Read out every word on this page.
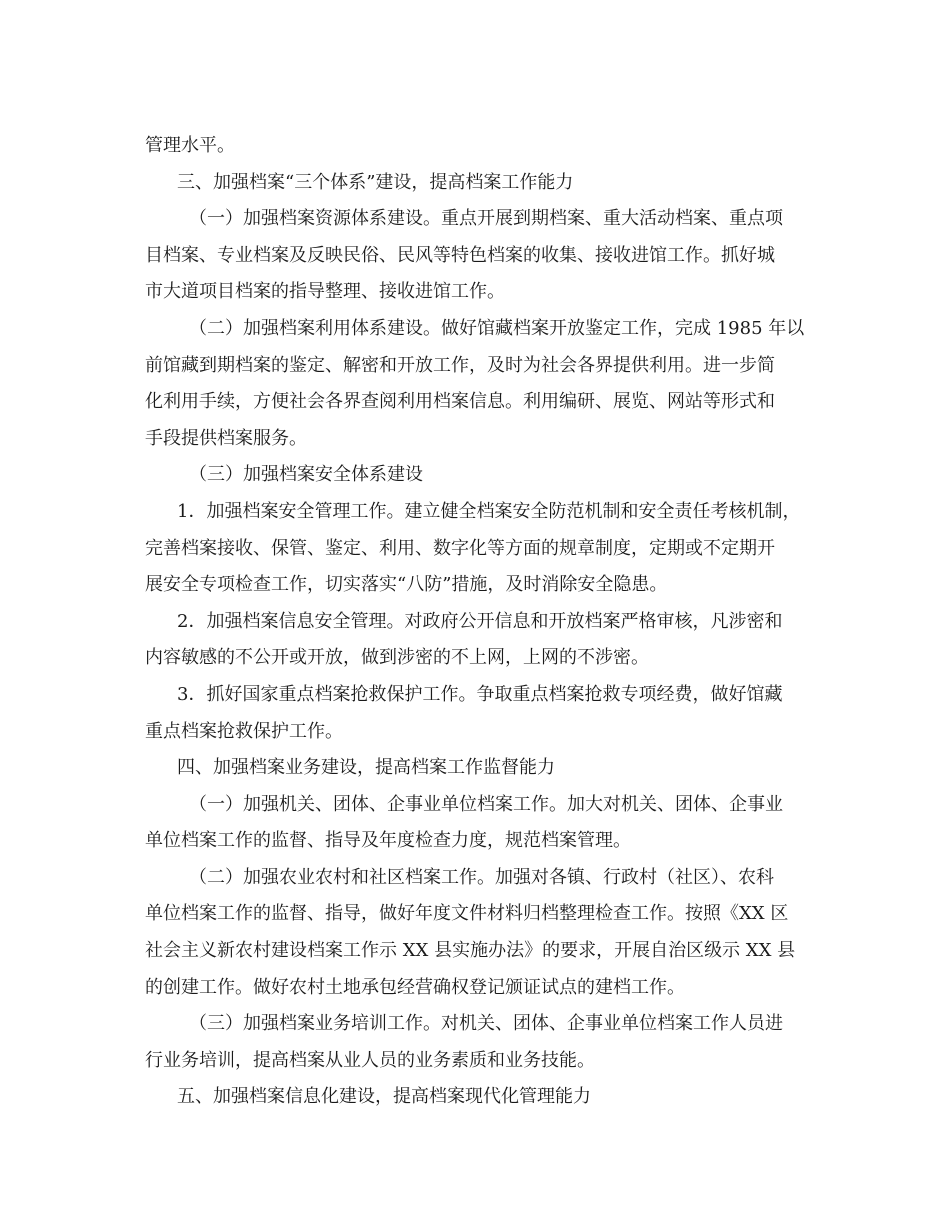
管理水平。
三、加强档案“三个体系”建设，提高档案工作能力
（一）加强档案资源体系建设。重点开展到期档案、重大活动档案、重点项
目档案、专业档案及反映民俗、民风等特色档案的收集、接收进馆工作。抓好城
市大道项目档案的指导整理、接收进馆工作。
（二）加强档案利用体系建设。做好馆藏档案开放鉴定工作，完成 1985 年以
前馆藏到期档案的鉴定、解密和开放工作，及时为社会各界提供利用。进一步简
化利用手续，方便社会各界查阅利用档案信息。利用编研、展览、网站等形式和
手段提供档案服务。
（三）加强档案安全体系建设
1．加强档案安全管理工作。建立健全档案安全防范机制和安全责任考核机制，
完善档案接收、保管、鉴定、利用、数字化等方面的规章制度，定期或不定期开
展安全专项检查工作，切实落实“八防”措施，及时消除安全隐患。
2．加强档案信息安全管理。对政府公开信息和开放档案严格审核，凡涉密和
内容敏感的不公开或开放，做到涉密的不上网，上网的不涉密。
3．抓好国家重点档案抢救保护工作。争取重点档案抢救专项经费，做好馆藏
重点档案抢救保护工作。
四、加强档案业务建设，提高档案工作监督能力
（一）加强机关、团体、企事业单位档案工作。加大对机关、团体、企事业
单位档案工作的监督、指导及年度检查力度，规范档案管理。
（二）加强农业农村和社区档案工作。加强对各镇、行政村（社区）、农科
单位档案工作的监督、指导，做好年度文件材料归档整理检查工作。按照《XX 区
社会主义新农村建设档案工作示 XX 县实施办法》的要求，开展自治区级示 XX 县
的创建工作。做好农村土地承包经营确权登记颁证试点的建档工作。
（三）加强档案业务培训工作。对机关、团体、企事业单位档案工作人员进
行业务培训，提高档案从业人员的业务素质和业务技能。
五、加强档案信息化建设，提高档案现代化管理能力
